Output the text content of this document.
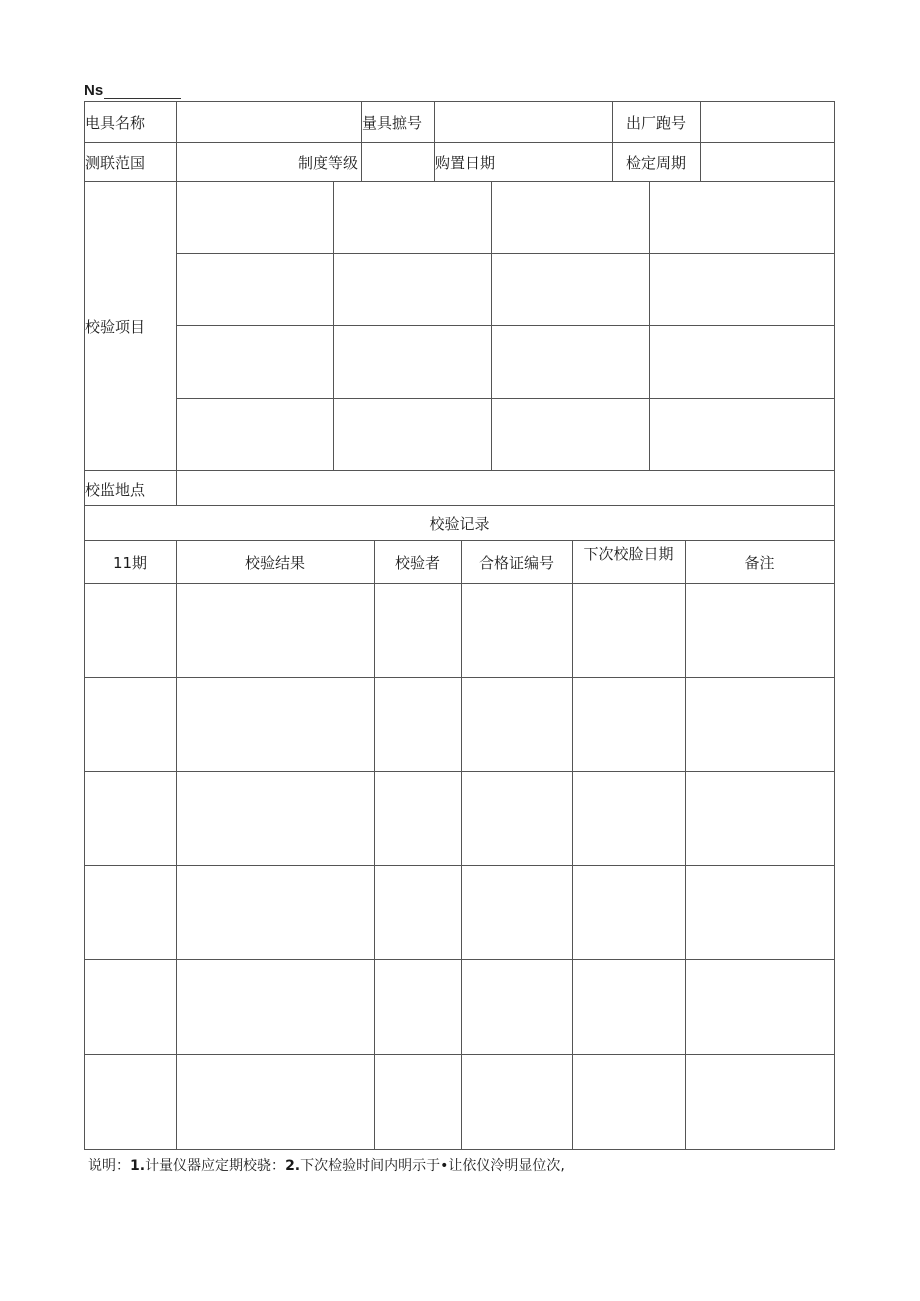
Ns
电具名称	量具摭号	出厂跑号
测联范国	制度等级	购置日期	检定周期
校验项目
校监地点
校验记录
11期	校验结果	校验者	合格证编号	下次校脸日期	备注
说明：1.计量仪器应定期校骁：2.下次检验时间内明示于•让依仪泠明显位次,
